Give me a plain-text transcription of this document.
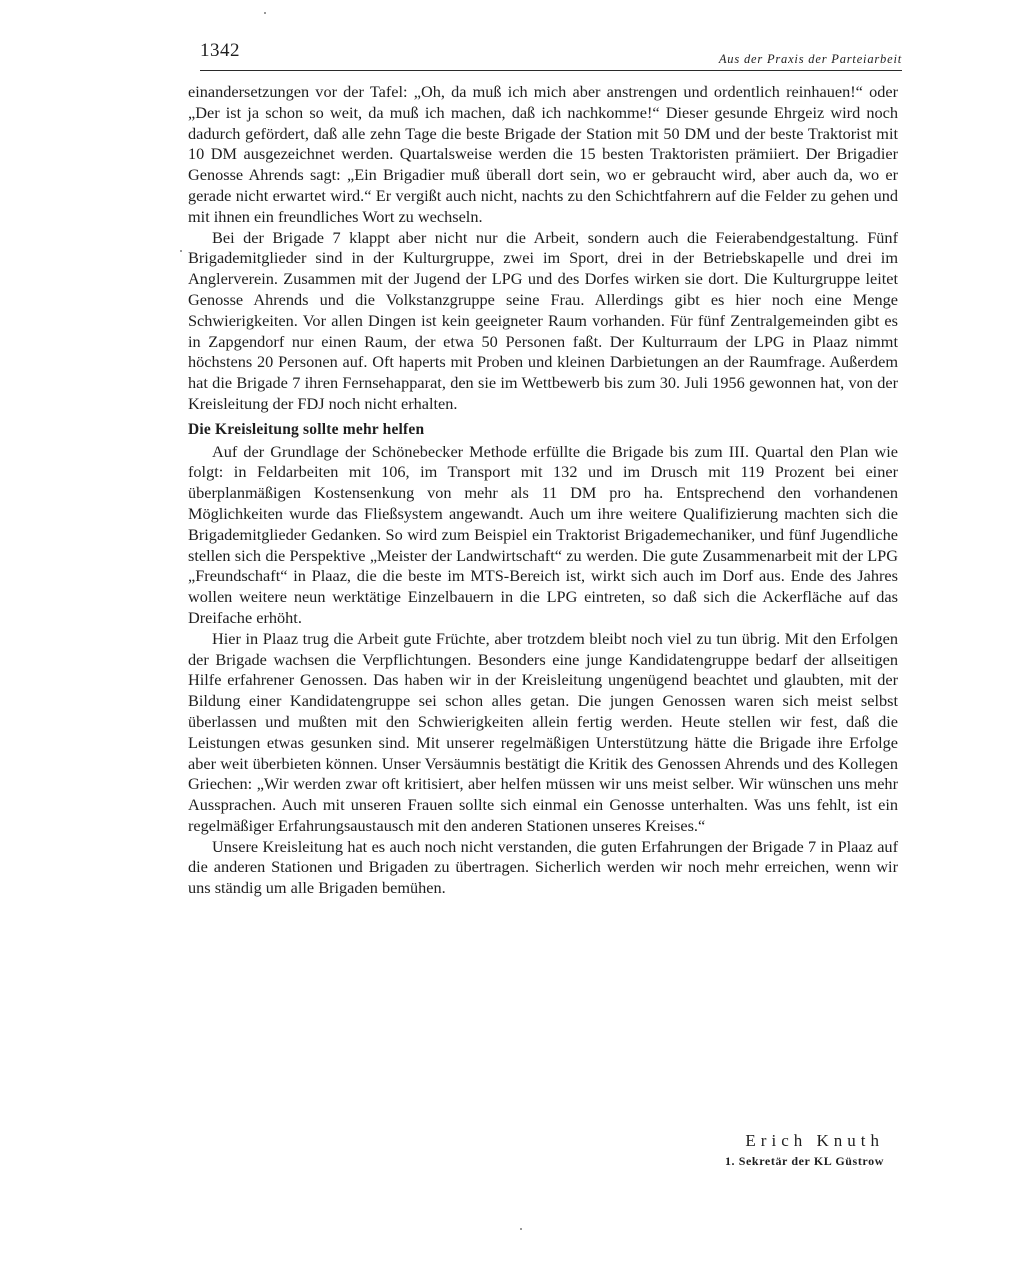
1342	Aus der Praxis der Parteiarbeit

einandersetzungen vor der Tafel: „Oh, da muß ich mich aber anstrengen und ordentlich reinhauen!“ oder „Der ist ja schon so weit, da muß ich machen, daß ich nachkomme!“ Dieser gesunde Ehrgeiz wird noch dadurch gefördert, daß alle zehn Tage die beste Brigade der Station mit 50 DM und der beste Traktorist mit 10 DM ausgezeichnet werden. Quartalsweise werden die 15 besten Traktoristen prämiiert. Der Brigadier Genosse Ahrends sagt: „Ein Brigadier muß überall dort sein, wo er gebraucht wird, aber auch da, wo er gerade nicht erwartet wird.“ Er vergißt auch nicht, nachts zu den Schichtfahrern auf die Felder zu gehen und mit ihnen ein freundliches Wort zu wechseln.

Bei der Brigade 7 klappt aber nicht nur die Arbeit, sondern auch die Feierabendgestaltung. Fünf Brigademitglieder sind in der Kulturgruppe, zwei im Sport, drei in der Betriebskapelle und drei im Anglerverein. Zusammen mit der Jugend der LPG und des Dorfes wirken sie dort. Die Kulturgruppe leitet Genosse Ahrends und die Volkstanzgruppe seine Frau. Allerdings gibt es hier noch eine Menge Schwierigkeiten. Vor allen Dingen ist kein geeigneter Raum vorhanden. Für fünf Zentralgemeinden gibt es in Zapgendorf nur einen Raum, der etwa 50 Personen faßt. Der Kulturraum der LPG in Plaaz nimmt höchstens 20 Personen auf. Oft haperts mit Proben und kleinen Darbietungen an der Raumfrage. Außerdem hat die Brigade 7 ihren Fernsehapparat, den sie im Wettbewerb bis zum 30. Juli 1956 gewonnen hat, von der Kreisleitung der FDJ noch nicht erhalten.

Die Kreisleitung sollte mehr helfen

Auf der Grundlage der Schönebecker Methode erfüllte die Brigade bis zum III. Quartal den Plan wie folgt: in Feldarbeiten mit 106, im Transport mit 132 und im Drusch mit 119 Prozent bei einer überplanmäßigen Kostensenkung von mehr als 11 DM pro ha. Entsprechend den vorhandenen Möglichkeiten wurde das Fließsystem angewandt. Auch um ihre weitere Qualifizierung machten sich die Brigademitglieder Gedanken. So wird zum Beispiel ein Traktorist Brigademechaniker, und fünf Jugendliche stellen sich die Perspektive „Meister der Landwirtschaft“ zu werden. Die gute Zusammenarbeit mit der LPG „Freundschaft“ in Plaaz, die die beste im MTS-Bereich ist, wirkt sich auch im Dorf aus. Ende des Jahres wollen weitere neun werktätige Einzelbauern in die LPG eintreten, so daß sich die Ackerfläche auf das Dreifache erhöht.

Hier in Plaaz trug die Arbeit gute Früchte, aber trotzdem bleibt noch viel zu tun übrig. Mit den Erfolgen der Brigade wachsen die Verpflichtungen. Besonders eine junge Kandidatengruppe bedarf der allseitigen Hilfe erfahrener Genossen. Das haben wir in der Kreisleitung ungenügend beachtet und glaubten, mit der Bildung einer Kandidatengruppe sei schon alles getan. Die jungen Genossen waren sich meist selbst überlassen und mußten mit den Schwierigkeiten allein fertig werden. Heute stellen wir fest, daß die Leistungen etwas gesunken sind. Mit unserer regelmäßigen Unterstützung hätte die Brigade ihre Erfolge aber weit überbieten können. Unser Versäumnis bestätigt die Kritik des Genossen Ahrends und des Kollegen Griechen: „Wir werden zwar oft kritisiert, aber helfen müssen wir uns meist selber. Wir wünschen uns mehr Aussprachen. Auch mit unseren Frauen sollte sich einmal ein Genosse unterhalten. Was uns fehlt, ist ein regelmäßiger Erfahrungsaustausch mit den anderen Stationen unseres Kreises.“

Unsere Kreisleitung hat es auch noch nicht verstanden, die guten Erfahrungen der Brigade 7 in Plaaz auf die anderen Stationen und Brigaden zu übertragen. Sicherlich werden wir noch mehr erreichen, wenn wir uns ständig um alle Brigaden bemühen.

Erich Knuth
1. Sekretär der KL Güstrow
